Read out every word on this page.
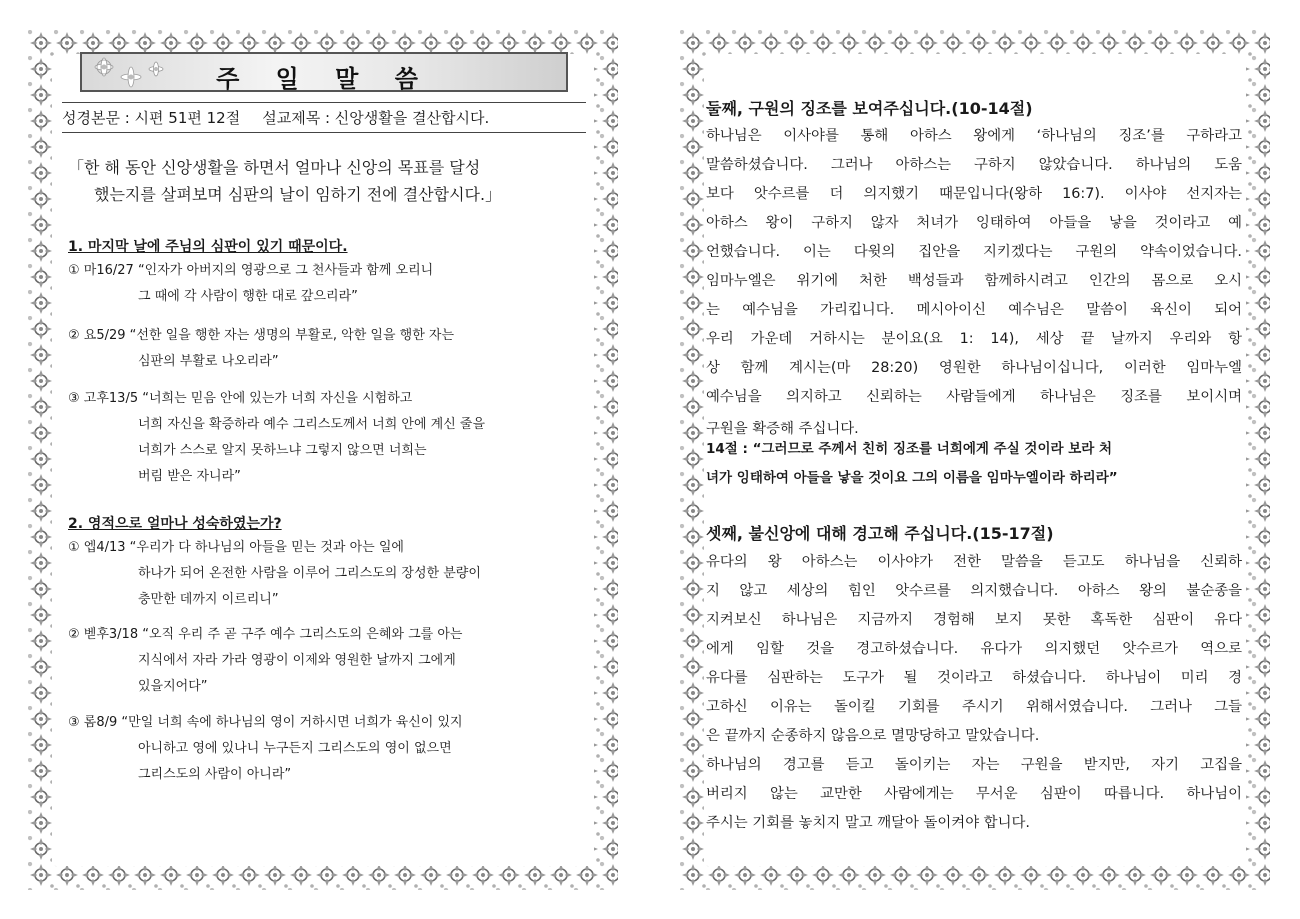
주 일 말 씀
성경본문 : 시편 51편 12절 설교제목 : 신앙생활을 결산합시다.
「한 해 동안 신앙생활을 하면서 얼마나 신앙의 목표를 달성
했는지를 살펴보며 심판의 날이 임하기 전에 결산합시다.」
1. 마지막 날에 주님의 심판이 있기 때문이다.
① 마16/27 “인자가 아버지의 영광으로 그 천사들과 함께 오리니
그 때에 각 사람이 행한 대로 갚으리라”
② 요5/29 “선한 일을 행한 자는 생명의 부활로, 악한 일을 행한 자는
심판의 부활로 나오리라”
③ 고후13/5 “너희는 믿음 안에 있는가 너희 자신을 시험하고
너희 자신을 확증하라 예수 그리스도께서 너희 안에 계신 줄을
너희가 스스로 알지 못하느냐 그렇지 않으면 너희는
버림 받은 자니라”
2. 영적으로 얼마나 성숙하였는가?
① 엡4/13 “우리가 다 하나님의 아들을 믿는 것과 아는 일에
하나가 되어 온전한 사람을 이루어 그리스도의 장성한 분량이
충만한 데까지 이르리니”
② 벧후3/18 “오직 우리 주 곧 구주 예수 그리스도의 은혜와 그를 아는
지식에서 자라 가라 영광이 이제와 영원한 날까지 그에게
있을지어다”
③ 롬8/9 “만일 너희 속에 하나님의 영이 거하시면 너희가 육신이 있지
아니하고 영에 있나니 누구든지 그리스도의 영이 없으면
그리스도의 사람이 아니라”
둘째, 구원의 징조를 보여주십니다.(10-14절)
하나님은 이사야를 통해 아하스 왕에게 ‘하나님의 징조’를 구하라고
말씀하셨습니다. 그러나 아하스는 구하지 않았습니다. 하나님의 도움
보다 앗수르를 더 의지했기 때문입니다(왕하 16:7). 이사야 선지자는
아하스 왕이 구하지 않자 처녀가 잉태하여 아들을 낳을 것이라고 예
언했습니다. 이는 다윗의 집안을 지키겠다는 구원의 약속이었습니다.
임마누엘은 위기에 처한 백성들과 함께하시려고 인간의 몸으로 오시
는 예수님을 가리킵니다. 메시아이신 예수님은 말씀이 육신이 되어
우리 가운데 거하시는 분이요(요 1: 14), 세상 끝 날까지 우리와 항
상 함께 계시는(마 28:20) 영원한 하나님이십니다, 이러한 임마누엘
예수님을 의지하고 신뢰하는 사람들에게 하나님은 징조를 보이시며
구원을 확증해 주십니다.
14절 : “그러므로 주께서 친히 징조를 너희에게 주실 것이라 보라 처
녀가 잉태하여 아들을 낳을 것이요 그의 이름을 임마누엘이라 하리라”
셋째, 불신앙에 대해 경고해 주십니다.(15-17절)
유다의 왕 아하스는 이사야가 전한 말씀을 듣고도 하나님을 신뢰하
지 않고 세상의 힘인 앗수르를 의지했습니다. 아하스 왕의 불순종을
지켜보신 하나님은 지금까지 경험해 보지 못한 혹독한 심판이 유다
에게 임할 것을 경고하셨습니다. 유다가 의지했던 앗수르가 역으로
유다를 심판하는 도구가 될 것이라고 하셨습니다. 하나님이 미리 경
고하신 이유는 돌이킬 기회를 주시기 위해서였습니다. 그러나 그들
은 끝까지 순종하지 않음으로 멸망당하고 말았습니다.
하나님의 경고를 듣고 돌이키는 자는 구원을 받지만, 자기 고집을
버리지 않는 교만한 사람에게는 무서운 심판이 따릅니다. 하나님이
주시는 기회를 놓치지 말고 깨달아 돌이켜야 합니다.
